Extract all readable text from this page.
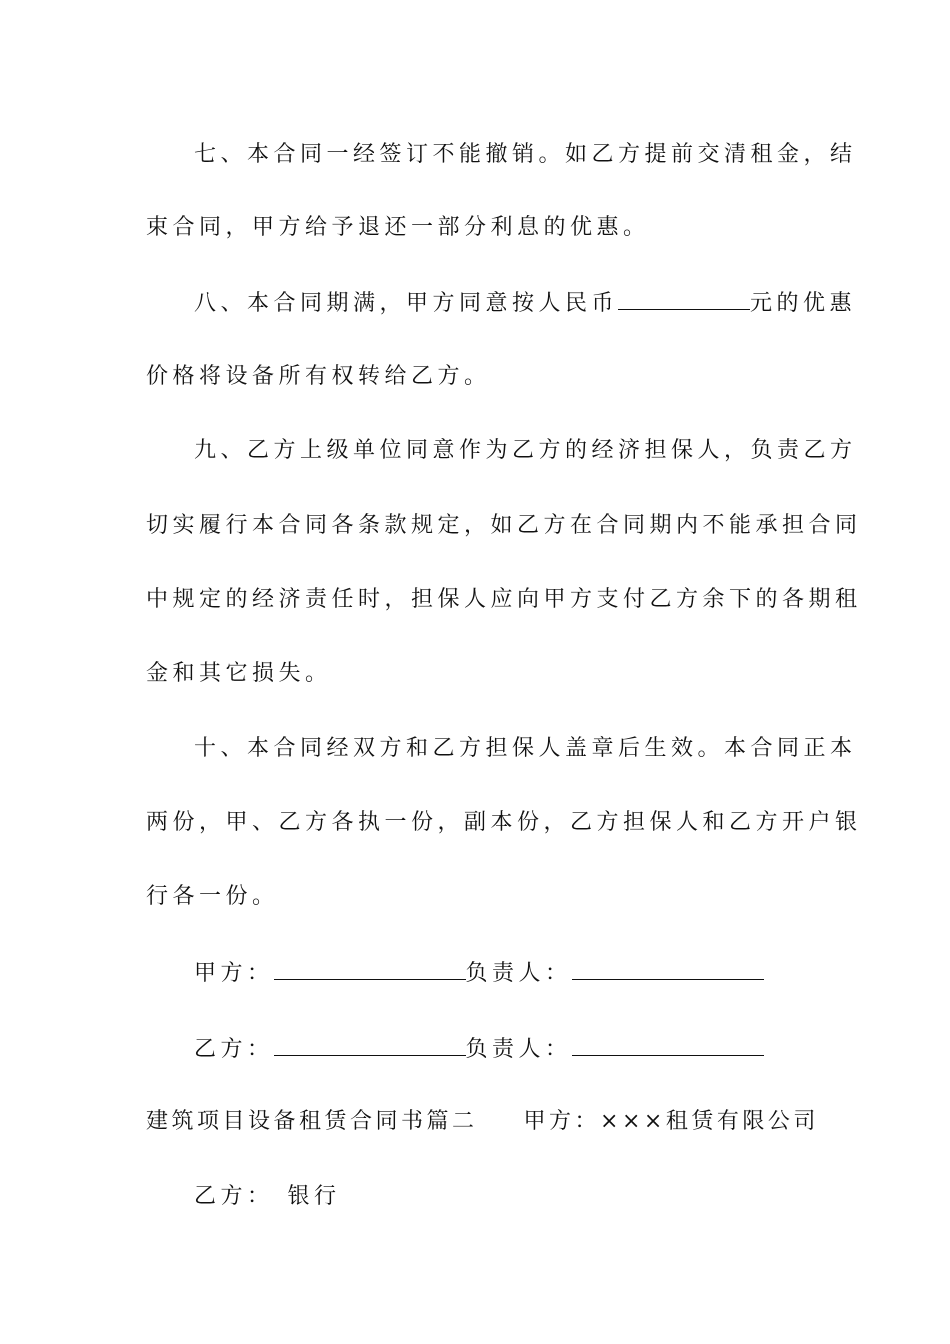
七、本合同一经签订不能撤销。如乙方提前交清租金，结
束合同，甲方给予退还一部分利息的优惠。
八、本合同期满，甲方同意按人民币	元的优惠
价格将设备所有权转给乙方。
九、乙方上级单位同意作为乙方的经济担保人，负责乙方
切实履行本合同各条款规定，如乙方在合同期内不能承担合同
中规定的经济责任时，担保人应向甲方支付乙方余下的各期租
金和其它损失。
十、本合同经双方和乙方担保人盖章后生效。本合同正本
两份，甲、乙方各执一份，副本份，乙方担保人和乙方开户银
行各一份。
甲方：	负责人：
乙方：	负责人：
建筑项目设备租赁合同书篇二 甲方：×××租赁有限公司
乙方： 银行
